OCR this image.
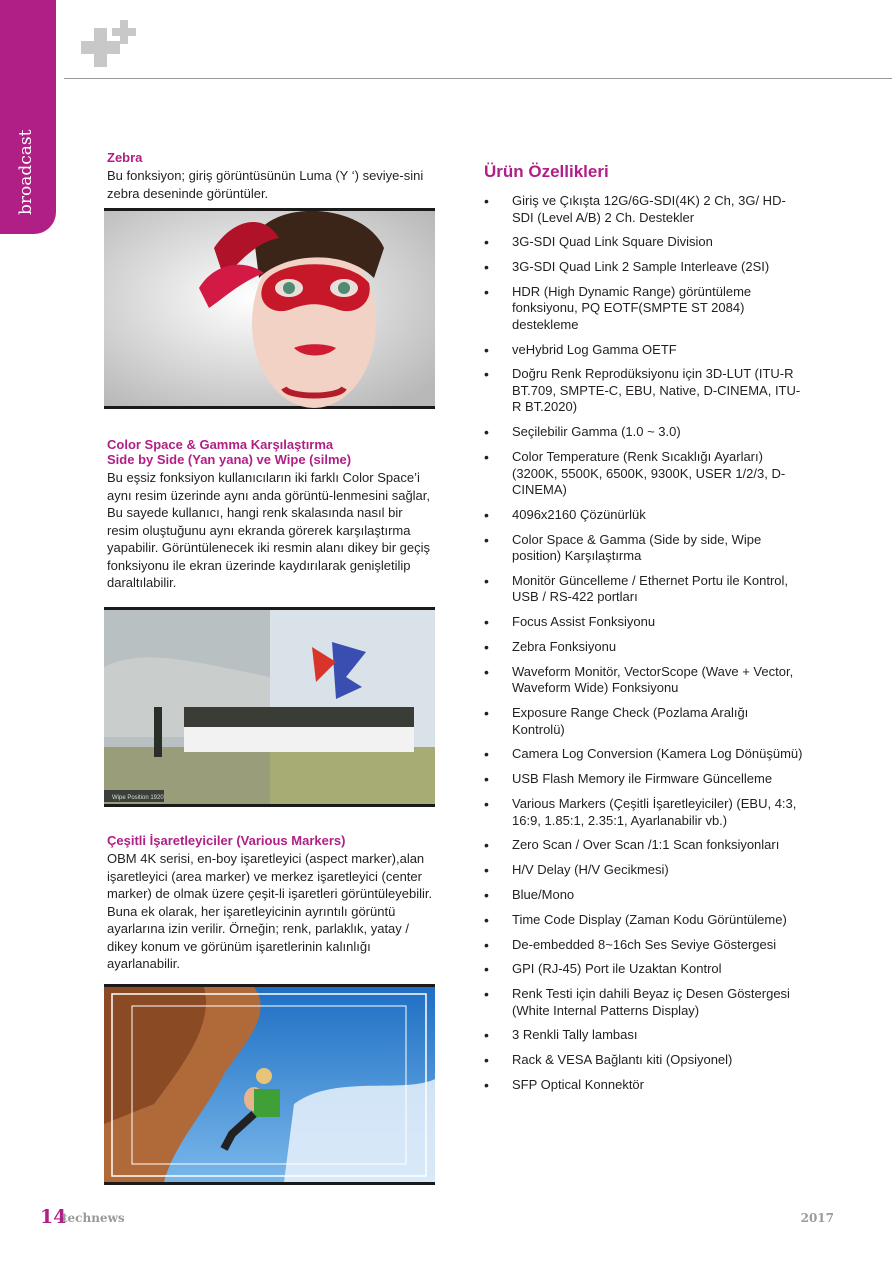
broadcast	Zebra

Bu fonksiyon; giriş görüntüsünün Luma (Y ‘) seviye-sini zebra deseninde görüntüler.

Color Space & Gamma Karşılaştırma

Side by Side (Yan yana) ve Wipe (silme)

Bu eşsiz fonksiyon kullanıcıların iki farklı Color Space’i aynı resim üzerinde aynı anda görüntü-lenmesini sağlar, Bu sayede kullanıcı, hangi renk skalasında nasıl bir resim oluştuğunu aynı ekranda görerek karşılaştırma yapabilir. Görüntülenecek iki resmin alanı dikey bir geçiş fonksiyonu ile ekran üzerinde kaydırılarak genişletilip daraltılabilir.

Wipe Position 1920

Çeşitli İşaretleyiciler (Various Markers)

OBM 4K serisi, en-boy işaretleyici (aspect marker),alan işaretleyici (area marker) ve merkez işaretleyici (center marker) de olmak üzere çeşit-li işaretleri görüntüleyebilir. Buna ek olarak, her işaretleyicinin ayrıntılı görüntü ayarlarına izin verilir. Örneğin; renk, parlaklık, yatay / dikey konum ve görünüm işaretlerinin kalınlığı ayarlanabilir.

Ürün Özellikleri

• Giriş ve Çıkışta 12G/6G-SDI(4K) 2 Ch, 3G/ HD-SDI (Level A/B) 2 Ch. Destekler
• 3G-SDI Quad Link Square Division
• 3G-SDI Quad Link 2 Sample Interleave (2SI)
• HDR (High Dynamic Range) görüntüleme fonksiyonu, PQ EOTF(SMPTE ST 2084) destekleme
• veHybrid Log Gamma OETF
• Doğru Renk Reprodüksiyonu için 3D-LUT (ITU-R BT.709, SMPTE-C, EBU, Native, D-CINEMA, ITU-R BT.2020)
• Seçilebilir Gamma (1.0 ~ 3.0)
• Color Temperature (Renk Sıcaklığı Ayarları) (3200K, 5500K, 6500K, 9300K, USER 1/2/3, D-CINEMA)
• 4096x2160 Çözünürlük
• Color Space & Gamma (Side by side, Wipe position) Karşılaştırma
• Monitör Güncelleme / Ethernet Portu ile Kontrol, USB / RS-422 portları
• Focus Assist Fonksiyonu
• Zebra Fonksiyonu
• Waveform Monitör, VectorScope (Wave + Vector, Waveform Wide) Fonksiyonu
• Exposure Range Check (Pozlama Aralığı Kontrolü)
• Camera Log Conversion (Kamera Log Dönüşümü)
• USB Flash Memory ile Firmware Güncelleme
• Various Markers (Çeşitli İşaretleyiciler) (EBU, 4:3, 16:9, 1.85:1, 2.35:1, Ayarlanabilir vb.)
• Zero Scan / Over Scan /1:1 Scan fonksiyonları
• H/V Delay (H/V Gecikmesi)
• Blue/Mono
• Time Code Display (Zaman Kodu Görüntüleme)
• De-embedded 8~16ch Ses Seviye Göstergesi
• GPI (RJ-45) Port ile Uzaktan Kontrol
• Renk Testi için dahili Beyaz iç Desen Göstergesi (White Internal Patterns Display)
• 3 Renkli Tally lambası
• Rack & VESA Bağlantı kiti (Opsiyonel)
• SFP Optical Konnektör
14
technews	2017
